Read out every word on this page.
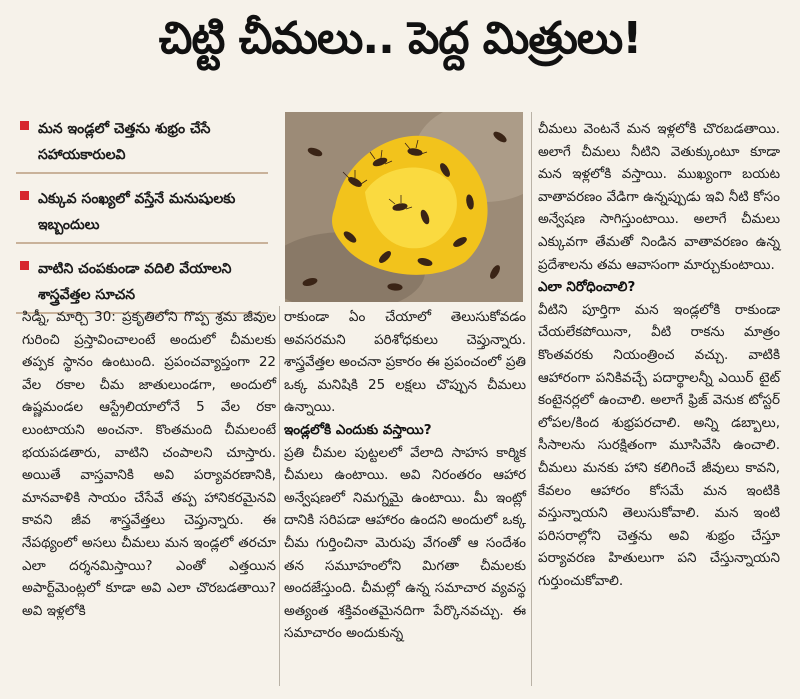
చిట్టి చీమలు.. పెద్ద మిత్రులు!
మన ఇండ్లలో చెత్తను శుభ్రం చేసే సహాయకారులవి
ఎక్కువ సంఖ్యలో వస్తేనే మనుషులకు ఇబ్బందులు
వాటిని చంపకుండా వదిలి వేయాలని శాస్త్రవేత్తల సూచన

సిడ్నీ, మార్చి 30: ప్రకృతిలోని గొప్ప శ్రమ జీవుల గురించి ప్రస్తావించాలంటే అందులో చీమలకు తప్పక స్థానం ఉంటుంది. ప్రపంచవ్యాప్తంగా 22 వేల రకాల చీమ జాతులుండగా, అందులో ఉష్ణమండల ఆస్ట్రేలియాలోనే 5 వేల రకా లుంటాయని అంచనా. కొంతమంది చీమలంటే భయపడతారు, వాటిని చంపాలని చూస్తారు. అయితే వాస్తవానికి అవి పర్యావరణానికి, మానవాళికి సాయం చేసేవే తప్ప హానికరమైనవి కావని జీవ శాస్త్రవేత్తలు చెప్తున్నారు. ఈ నేపథ్యంలో అసలు చీమలు మన ఇండ్లలో తరచూ ఎలా దర్శనమిస్తాయి? ఎంతో ఎత్తయిన అపార్ట్‌మెంట్లలో కూడా అవి ఎలా చొరబడతాయి? అవి ఇళ్లలోకి

రాకుండా ఏం చేయాలో తెలుసుకోవడం అవసరమని పరిశోధకులు చెప్తున్నారు. శాస్త్రవేత్తల అంచనా ప్రకారం ఈ ప్రపంచంలో ప్రతి ఒక్క మనిషికి 25 లక్షలు చొప్పున చీమలు ఉన్నాయి.

ఇండ్లలోకి ఎందుకు వస్తాయి?

ప్రతి చీమల పుట్టలలో వేలాది సాహస కార్మిక చీమలు ఉంటాయి. అవి నిరంతరం ఆహార అన్వేషణలో నిమగ్నమై ఉంటాయి. మీ ఇంట్లో దానికి సరిపడా ఆహారం ఉందని అందులో ఒక్క చీమ గుర్తించినా మెరుపు వేగంతో ఆ సందేశం తన సమూహంలోని మిగతా చీమలకు అందజేస్తుంది. చీమల్లో ఉన్న సమాచార వ్యవస్థ అత్యంత శక్తివంతమైనదిగా పేర్కొనవచ్చు. ఈ సమాచారం అందుకున్న

చీమలు వెంటనే మన ఇళ్లలోకి చొరబడతాయి. అలాగే చీమలు నీటిని వెతుక్కుంటూ కూడా మన ఇళ్లలోకి వస్తాయి. ముఖ్యంగా బయట వాతావరణం వేడిగా ఉన్నప్పుడు ఇవి నీటి కోసం అన్వేషణ సాగిస్తుంటాయి. అలాగే చీమలు ఎక్కువగా తేమతో నిండిన వాతావరణం ఉన్న ప్రదేశాలను తమ ఆవాసంగా మార్చుకుంటాయి.

ఎలా నిరోధించాలి?

వీటిని పూర్తిగా మన ఇండ్లలోకి రాకుండా చేయలేకపోయినా, వీటి రాకను మాత్రం కొంతవరకు నియంత్రించ వచ్చు. వాటికి ఆహారంగా పనికివచ్చే పదార్థాలన్నీ ఎయిర్ టైట్ కంటైనర్లలో ఉంచాలి. అలాగే ఫ్రిజ్ వెనుక టోస్టర్ లోపల/కింద శుభ్రపరచాలి. అన్ని డబ్బాలు, సీసాలను సురక్షితంగా మూసివేసి ఉంచాలి. చీమలు మనకు హాని కలిగించే జీవులు కావని, కేవలం ఆహారం కోసమే మన ఇంటికి వస్తున్నాయని తెలుసుకోవాలి. మన ఇంటి పరిసరాల్లోని చెత్తను అవి శుభ్రం చేస్తూ పర్యావరణ హితులుగా పని చేస్తున్నాయని గుర్తుంచుకోవాలి.
